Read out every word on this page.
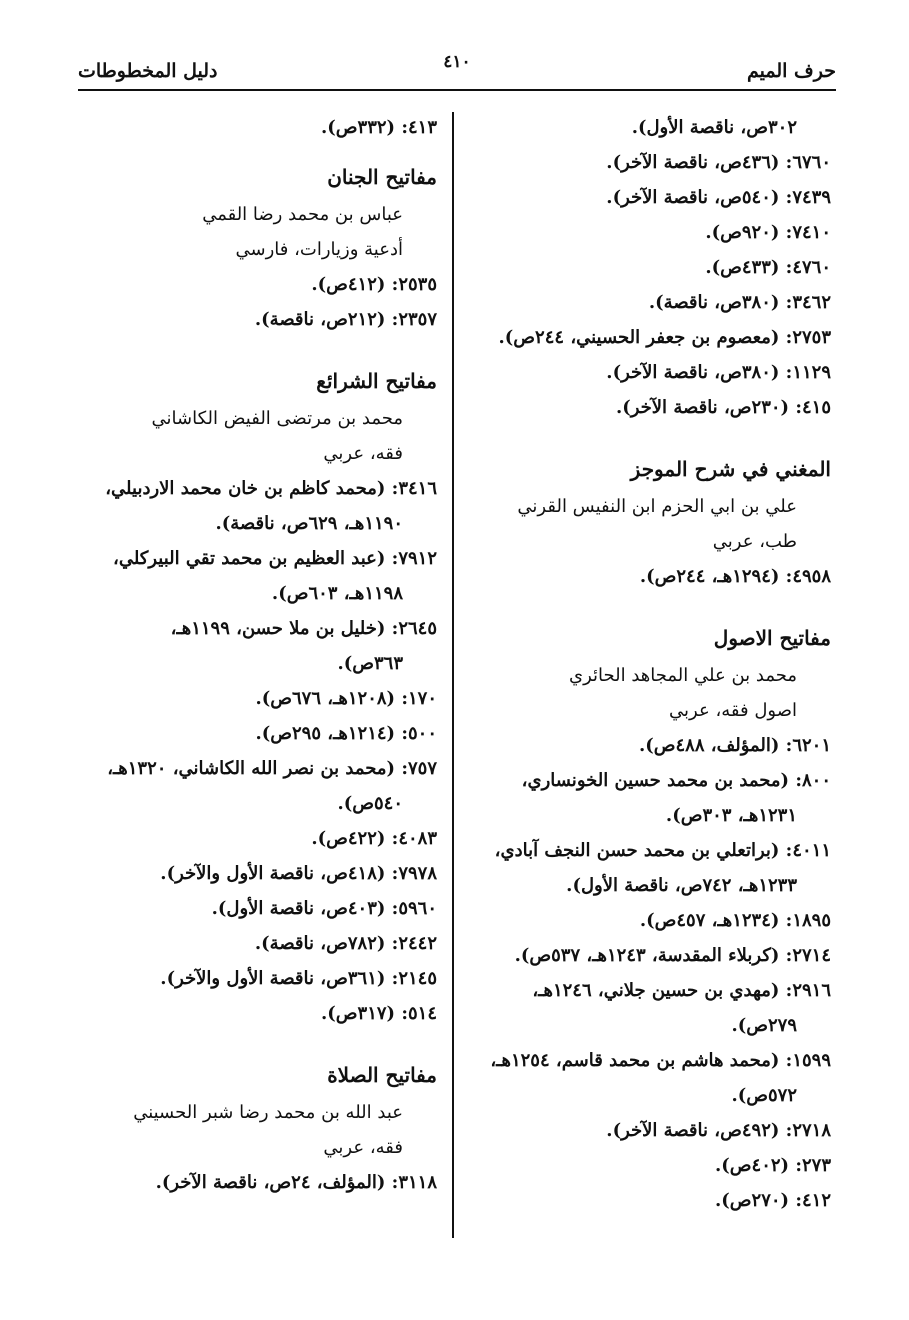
حرف الميم
٤١٠
دليل المخطوطات
٣٠٢ص، ناقصة الأول).
٦٧٦٠: (٤٣٦ص، ناقصة الآخر).
٧٤٣٩: (٥٤٠ص، ناقصة الآخر).
٧٤١٠: (٩٢٠ص).
٤٧٦٠: (٤٣٣ص).
٣٤٦٢: (٣٨٠ص، ناقصة).
٢٧٥٣: (معصوم بن جعفر الحسيني، ٢٤٤ص).
١١٢٩: (٣٨٠ص، ناقصة الآخر).
٤١٥: (٢٣٠ص، ناقصة الآخر).
المغني في شرح الموجز
علي بن ابي الحزم ابن النفيس القرني
طب، عربي
٤٩٥٨: (١٢٩٤هـ، ٢٤٤ص).
مفاتيح الاصول
محمد بن علي المجاهد الحائري
اصول فقه، عربي
٦٢٠١: (المؤلف، ٤٨٨ص).
٨٠٠: (محمد بن محمد حسين الخونساري،
١٢٣١هـ، ٣٠٣ص).
٤٠١١: (براتعلي بن محمد حسن النجف آبادي،
١٢٣٣هـ، ٧٤٢ص، ناقصة الأول).
١٨٩٥: (١٢٣٤هـ، ٤٥٧ص).
٢٧١٤: (كربلاء المقدسة، ١٢٤٣هـ، ٥٣٧ص).
٢٩١٦: (مهدي بن حسين جلاني، ١٢٤٦هـ،
٢٧٩ص).
١٥٩٩: (محمد هاشم بن محمد قاسم، ١٢٥٤هـ،
٥٧٢ص).
٢٧١٨: (٤٩٢ص، ناقصة الآخر).
٢٧٣: (٤٠٢ص).
٤١٢: (٢٧٠ص).
٤١٣: (٣٣٢ص).
مفاتيح الجنان
عباس بن محمد رضا القمي
أدعية وزيارات، فارسي
٢٥٣٥: (٤١٢ص).
٢٣٥٧: (٢١٢ص، ناقصة).
مفاتيح الشرائع
محمد بن مرتضى الفيض الكاشاني
فقه، عربي
٣٤١٦: (محمد كاظم بن خان محمد الاردبيلي،
١١٩٠هـ، ٦٢٩ص، ناقصة).
٧٩١٢: (عبد العظيم بن محمد تقي البيركلي،
١١٩٨هـ، ٦٠٣ص).
٢٦٤٥: (خليل بن ملا حسن، ١١٩٩هـ،
٣٦٣ص).
١٧٠: (١٢٠٨هـ، ٦٧٦ص).
٥٠٠: (١٢١٤هـ، ٢٩٥ص).
٧٥٧: (محمد بن نصر الله الكاشاني، ١٣٢٠هـ،
٥٤٠ص).
٤٠٨٣: (٤٢٢ص).
٧٩٧٨: (٤١٨ص، ناقصة الأول والآخر).
٥٩٦٠: (٤٠٣ص، ناقصة الأول).
٢٤٤٢: (٧٨٢ص، ناقصة).
٢١٤٥: (٣٦١ص، ناقصة الأول والآخر).
٥١٤: (٣١٧ص).
مفاتيح الصلاة
عبد الله بن محمد رضا شبر الحسيني
فقه، عربي
٣١١٨: (المؤلف، ٢٤ص، ناقصة الآخر).
